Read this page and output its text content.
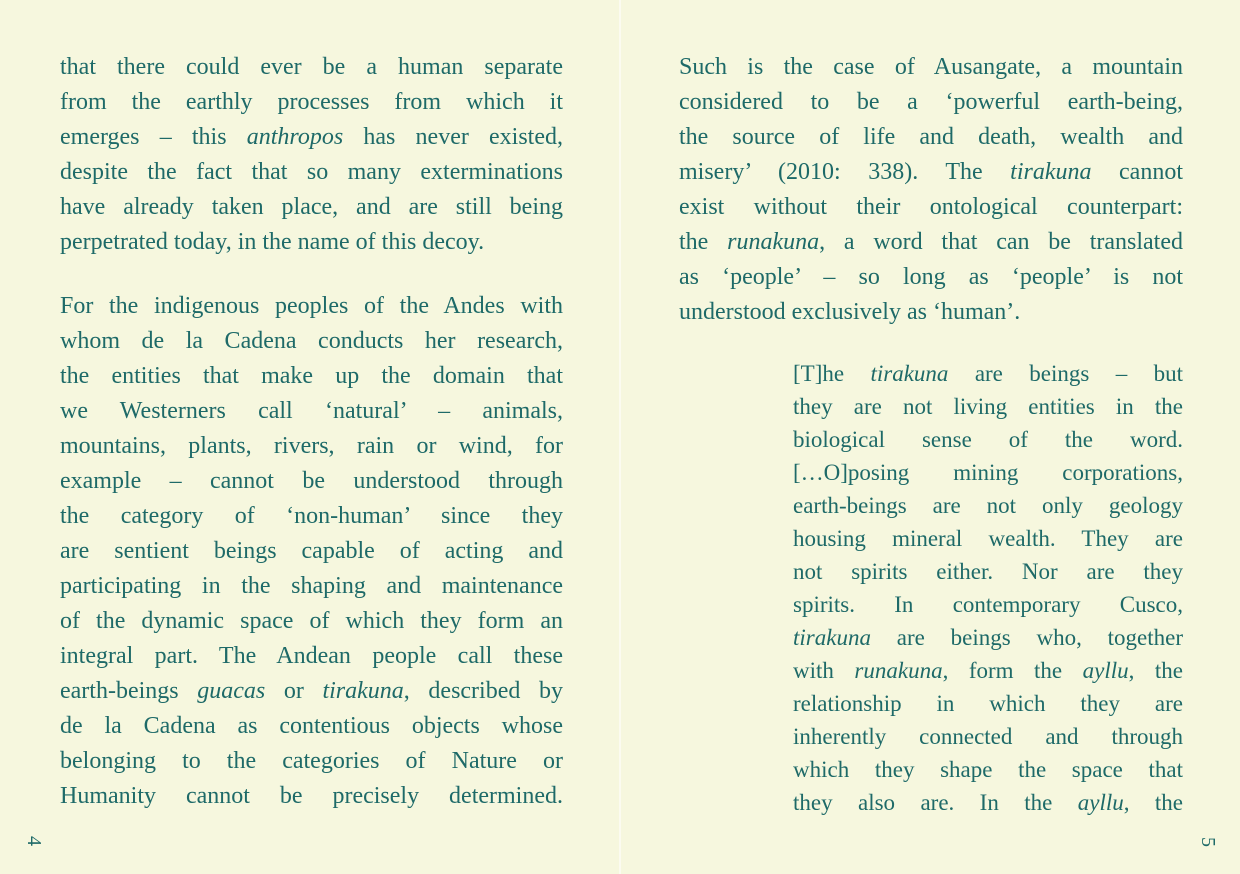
that there could ever be a human separate
from the earthly processes from which it
emerges – this anthropos has never existed,
despite the fact that so many exterminations
have already taken place, and are still being
perpetrated today, in the name of this decoy.
For the indigenous peoples of the Andes with
whom de la Cadena conducts her research,
the entities that make up the domain that
we Westerners call ‘natural’ – animals,
mountains, plants, rivers, rain or wind, for
example – cannot be understood through
the category of ‘non-human’ since they
are sentient beings capable of acting and
participating in the shaping and maintenance
of the dynamic space of which they form an
integral part. The Andean people call these
earth-beings guacas or tirakuna, described by
de la Cadena as contentious objects whose
belonging to the categories of Nature or
Humanity cannot be precisely determined.
4
Such is the case of Ausangate, a mountain
considered to be a ‘powerful earth-being,
the source of life and death, wealth and
misery’ (2010: 338). The tirakuna cannot
exist without their ontological counterpart:
the runakuna, a word that can be translated
as ‘people’ – so long as ‘people’ is not
understood exclusively as ‘human’.
[T]he tirakuna are beings – but
they are not living entities in the
biological sense of the word.
[…O]posing mining corporations,
earth-beings are not only geology
housing mineral wealth. They are
not spirits either. Nor are they
spirits. In contemporary Cusco,
tirakuna are beings who, together
with runakuna, form the ayllu, the
relationship in which they are
inherently connected and through
which they shape the space that
they also are. In the ayllu, the
5
